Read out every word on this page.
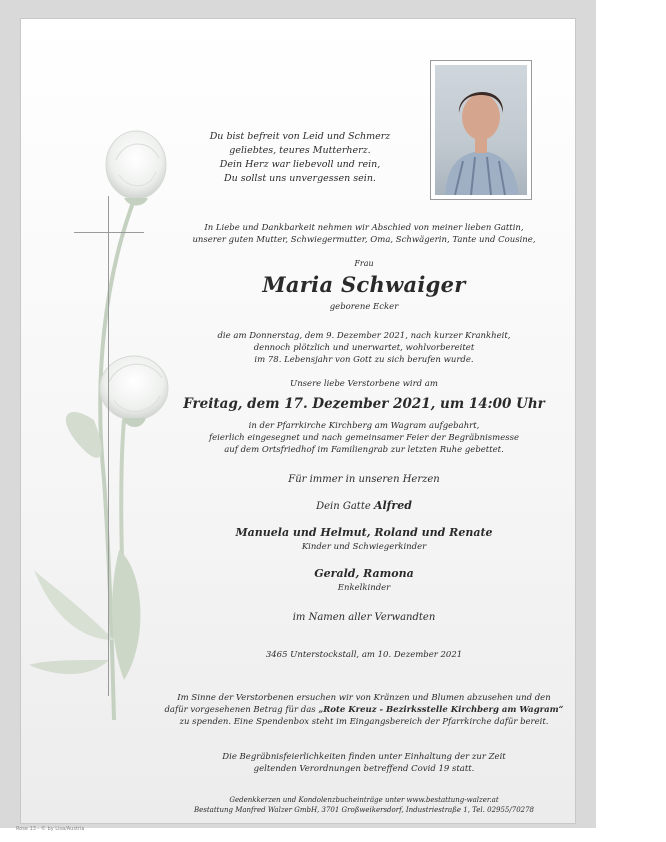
Du bist befreit von Leid und Schmerz
geliebtes, teures Mutterherz.
Dein Herz war liebevoll und rein,
Du sollst uns unvergessen sein.
In Liebe und Dankbarkeit nehmen wir Abschied von meiner lieben Gattin,
unserer guten Mutter, Schwiegermutter, Oma, Schwägerin, Tante und Cousine,
Frau
Maria Schwaiger
geborene Ecker
die am Donnerstag, dem 9. Dezember 2021, nach kurzer Krankheit,
dennoch plötzlich und unerwartet, wohlvorbereitet
im 78. Lebensjahr von Gott zu sich berufen wurde.
Unsere liebe Verstorbene wird am
Freitag, dem 17. Dezember 2021, um 14:00 Uhr
in der Pfarrkirche Kirchberg am Wagram aufgebahrt,
feierlich eingesegnet und nach gemeinsamer Feier der Begräbnismesse
auf dem Ortsfriedhof im Familiengrab zur letzten Ruhe gebettet.
Für immer in unseren Herzen
Dein Gatte Alfred
Manuela und Helmut, Roland und Renate
Kinder und Schwiegerkinder
Gerald, Ramona
Enkelkinder
im Namen aller Verwandten
3465 Unterstockstall, am 10. Dezember 2021
Im Sinne der Verstorbenen ersuchen wir von Kränzen und Blumen abzusehen und den
dafür vorgesehenen Betrag für das „Rote Kreuz - Bezirksstelle Kirchberg am Wagram“
zu spenden. Eine Spendenbox steht im Eingangsbereich der Pfarrkirche dafür bereit.
Die Begräbnisfeierlichkeiten finden unter Einhaltung der zur Zeit
geltenden Verordnungen betreffend Covid 19 statt.
Gedenkkerzen und Kondolenzbucheinträge unter www.bestattung-walzer.at
Bestattung Manfred Walzer GmbH, 3701 Großweikersdorf, Industriestraße 1, Tel. 02955/70278
Rose 13 - © by Lisa/Austria
